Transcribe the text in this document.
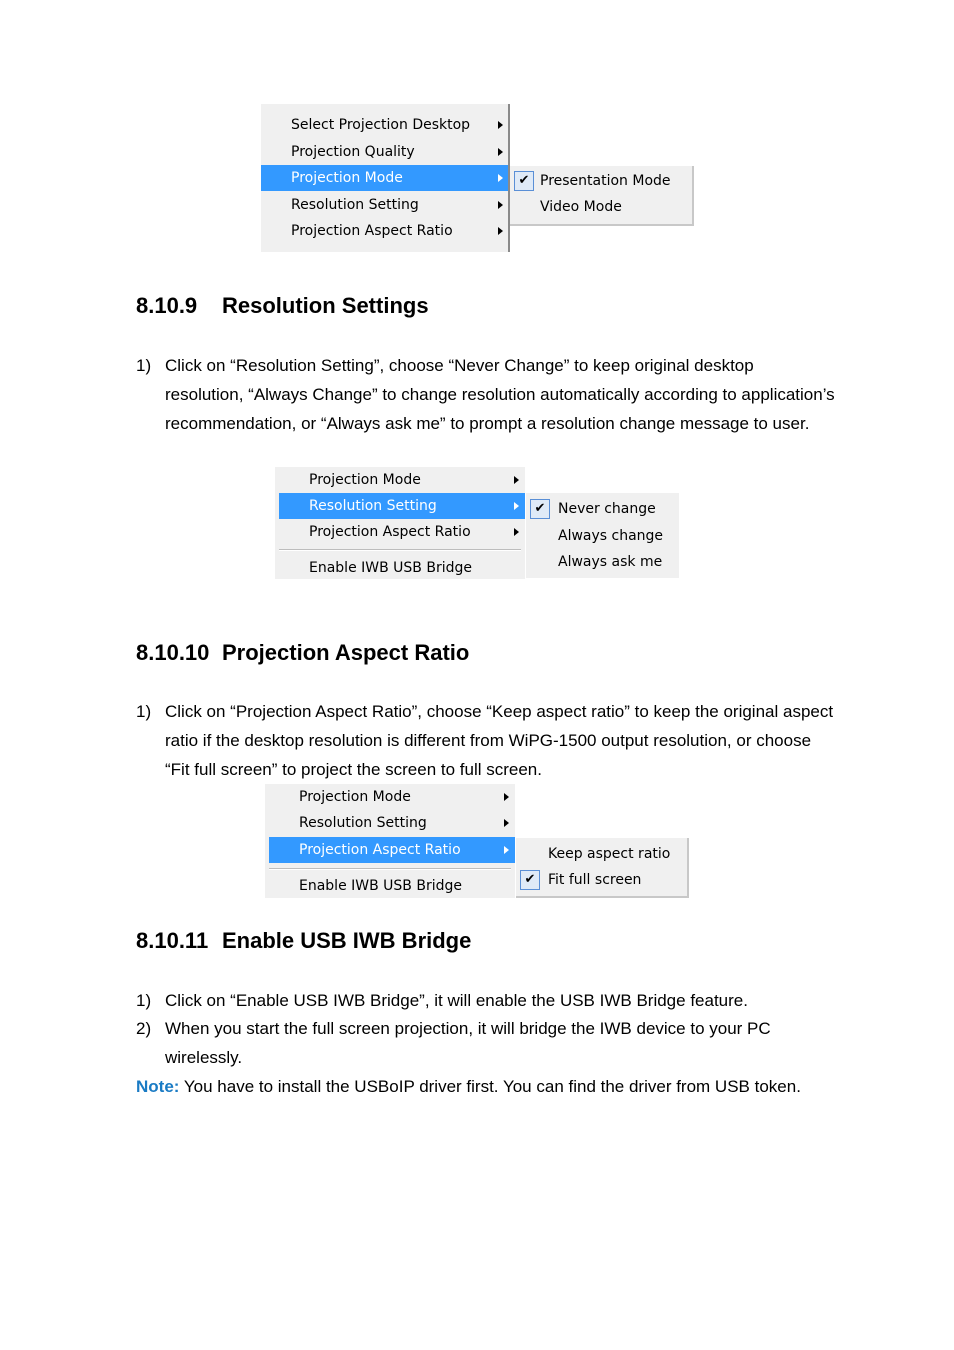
Select Projection Desktop
Projection Quality
Projection Mode
Resolution Setting
Projection Aspect Ratio
✔ Presentation Mode
Video Mode
8.10.9 Resolution Settings
1) Click on “Resolution Setting”, choose “Never Change” to keep original desktop resolution, “Always Change” to change resolution automatically according to application’s recommendation, or “Always ask me” to prompt a resolution change message to user.
Projection Mode
Resolution Setting
Projection Aspect Ratio
Enable IWB USB Bridge
✔ Never change
Always change
Always ask me
8.10.10 Projection Aspect Ratio
1) Click on “Projection Aspect Ratio”, choose “Keep aspect ratio” to keep the original aspect ratio if the desktop resolution is different from WiPG-1500 output resolution, or choose “Fit full screen” to project the screen to full screen.
Projection Mode
Resolution Setting
Projection Aspect Ratio
Enable IWB USB Bridge
Keep aspect ratio
✔ Fit full screen
8.10.11 Enable USB IWB Bridge
1) Click on “Enable USB IWB Bridge”, it will enable the USB IWB Bridge feature.
2) When you start the full screen projection, it will bridge the IWB device to your PC wirelessly.
Note: You have to install the USBoIP driver first. You can find the driver from USB token.
